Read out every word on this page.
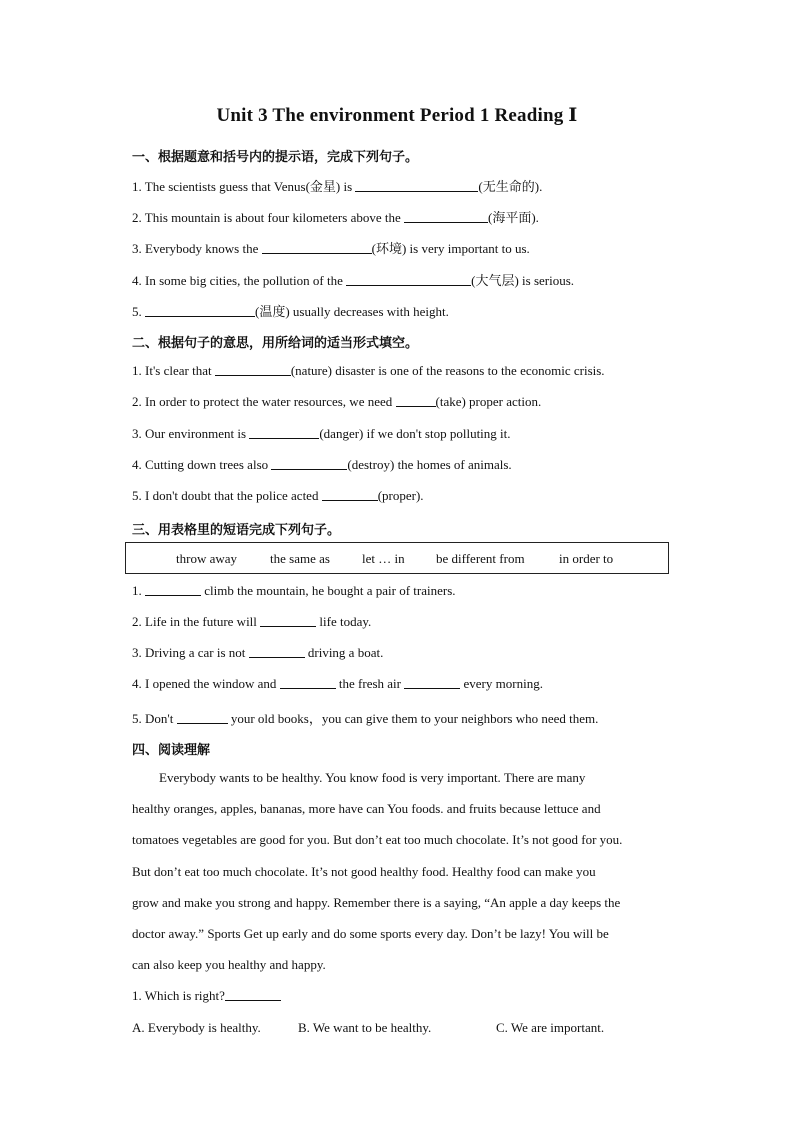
Unit 3 The environment Period 1 Reading Ⅰ
一、根据题意和括号内的提示语，完成下列句子。
1. The scientists guess that Venus(金星) is	(无生命的).
2. This mountain is about four kilometers above the	(海平面).
3. Everybody knows the	(环境) is very important to us.
4. In some big cities, the pollution of the	(大气层) is serious.
5.	(温度) usually decreases with height.
二、根据句子的意思，用所给词的适当形式填空。
1. It's clear that	(nature) disaster is one of the reasons to the economic crisis.
2. In order to protect the water resources, we need	(take) proper action.
3. Our environment is	(danger) if we don't stop polluting it.
4. Cutting down trees also	(destroy) the homes of animals.
5. I don't doubt that the police acted	(proper).
三、用表格里的短语完成下列句子。
throw away	the same as let … in be different from	in order to
1.	climb the mountain, he bought a pair of trainers.
2. Life in the future will	life today.
3. Driving a car is not	driving a boat.
4. I opened the window and	the fresh air	every morning.
5. Don't	your old books，you can give them to your neighbors who need them.
四、阅读理解
Everybody wants to be healthy. You know food is very important. There are many
healthy oranges, apples, bananas, more have can You foods. and fruits because lettuce and
tomatoes vegetables are good for you. But don’t eat too much chocolate. It’s not good for you.
But don’t eat too much chocolate. It’s not good healthy food. Healthy food can make you
grow and make you strong and happy. Remember there is a saying, “An apple a day keeps the
doctor away.” Sports Get up early and do some sports every day. Don’t be lazy! You will be
can also keep you healthy and happy.
1. Which is right?
A. Everybody is healthy.	B. We want to be healthy.	C. We are important.
